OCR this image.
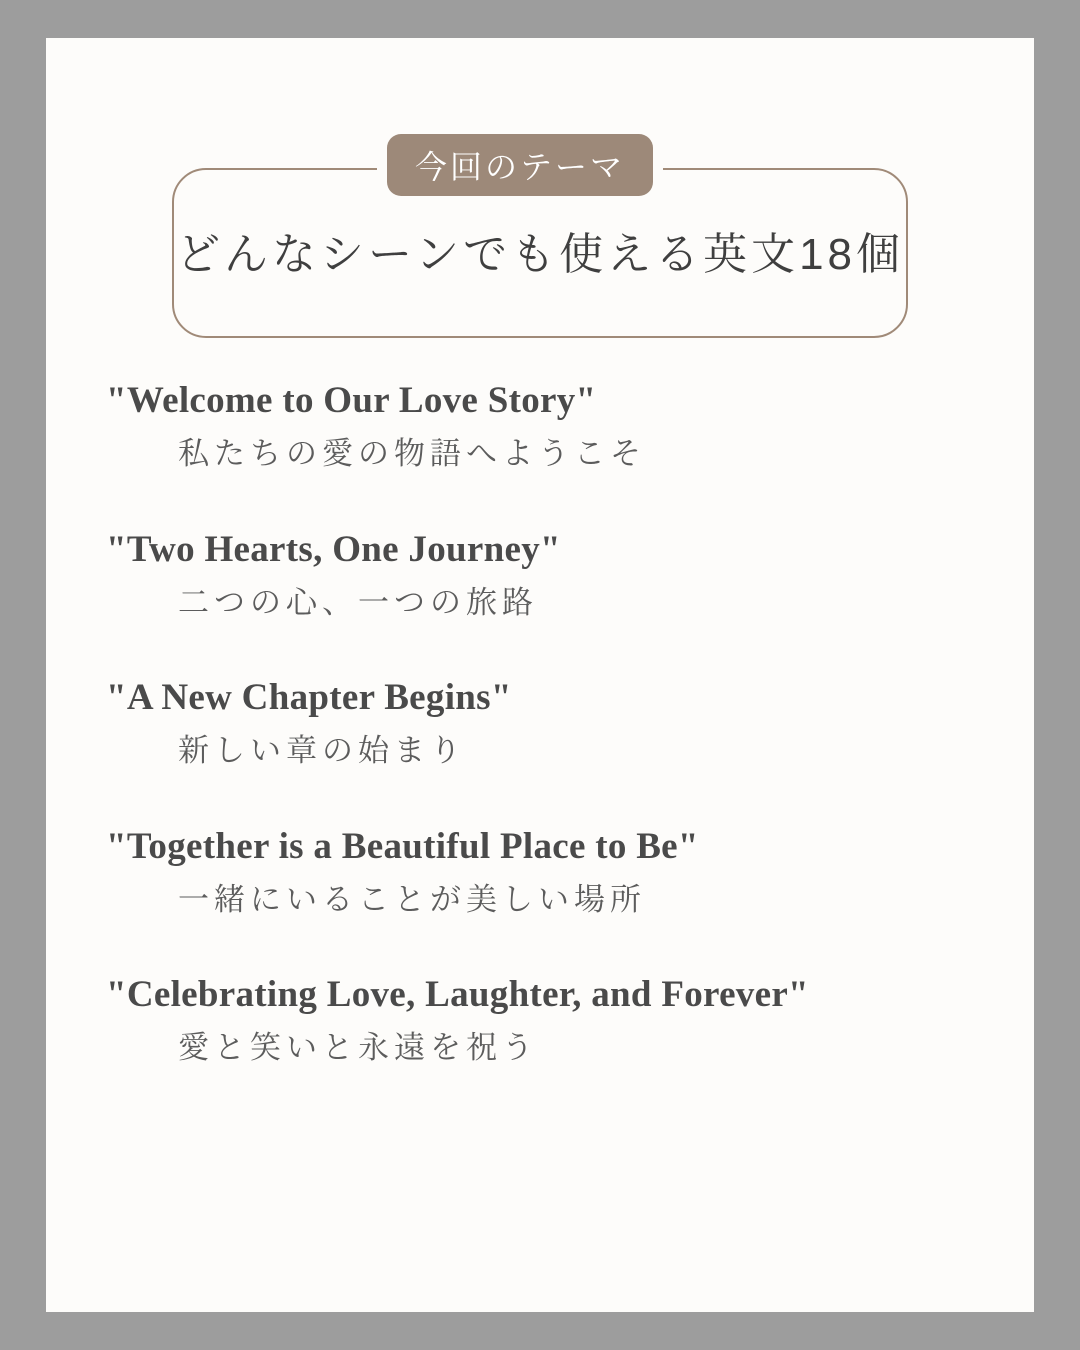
今回のテーマ
どんなシーンでも使える英文18個
"Welcome to Our Love Story"
私たちの愛の物語へようこそ
"Two Hearts, One Journey"
二つの心、一つの旅路
"A New Chapter Begins"
新しい章の始まり
"Together is a Beautiful Place to Be"
一緒にいることが美しい場所
"Celebrating Love, Laughter, and Forever"
愛と笑いと永遠を祝う
